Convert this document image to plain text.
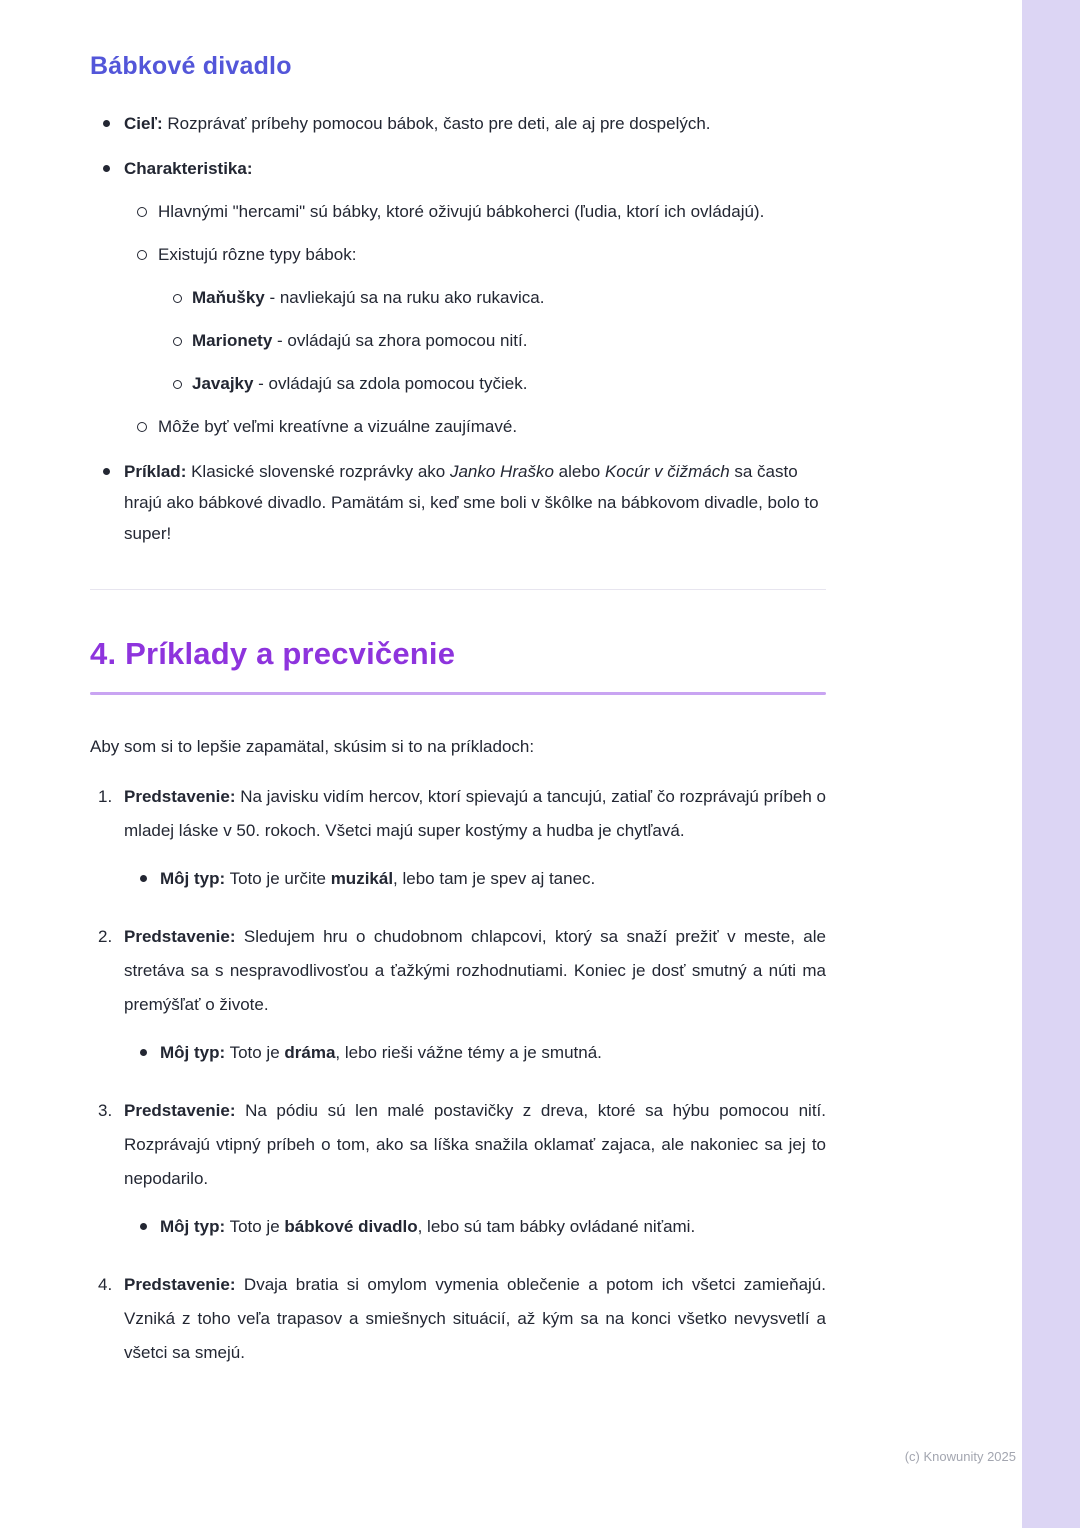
Bábkové divadlo
Cieľ: Rozprávať príbehy pomocou bábok, často pre deti, ale aj pre dospelých.
Charakteristika:
Hlavnými "hercami" sú bábky, ktoré oživujú bábkoherci (ľudia, ktorí ich ovládajú).
Existujú rôzne typy bábok:
Maňušky - navliekajú sa na ruku ako rukavica.
Marionety - ovládajú sa zhora pomocou nití.
Javajky - ovládajú sa zdola pomocou tyčiek.
Môže byť veľmi kreatívne a vizuálne zaujímavé.
Príklad: Klasické slovenské rozprávky ako Janko Hraško alebo Kocúr v čižmách sa často hrajú ako bábkové divadlo. Pamätám si, keď sme boli v škôlke na bábkovom divadle, bolo to super!
4. Príklady a precvičenie

Aby som si to lepšie zapamätal, skúsim si to na príkladoch:

1. Predstavenie: Na javisku vidím hercov, ktorí spievajú a tancujú, zatiaľ čo rozprávajú príbeh o mladej láske v 50. rokoch. Všetci majú super kostýmy a hudba je chytľavá.
Môj typ: Toto je určite muzikál, lebo tam je spev aj tanec.
2. Predstavenie: Sledujem hru o chudobnom chlapcovi, ktorý sa snaží prežiť v meste, ale stretáva sa s nespravodlivosťou a ťažkými rozhodnutiami. Koniec je dosť smutný a núti ma premýšľať o živote.
Môj typ: Toto je dráma, lebo rieši vážne témy a je smutná.
3. Predstavenie: Na pódiu sú len malé postavičky z dreva, ktoré sa hýbu pomocou nití. Rozprávajú vtipný príbeh o tom, ako sa líška snažila oklamať zajaca, ale nakoniec sa jej to nepodarilo.
Môj typ: Toto je bábkové divadlo, lebo sú tam bábky ovládané niťami.
4. Predstavenie: Dvaja bratia si omylom vymenia oblečenie a potom ich všetci zamieňajú. Vzniká z toho veľa trapasov a smiešnych situácií, až kým sa na konci všetko nevysvetlí a všetci sa smejú.
(c) Knowunity 2025
